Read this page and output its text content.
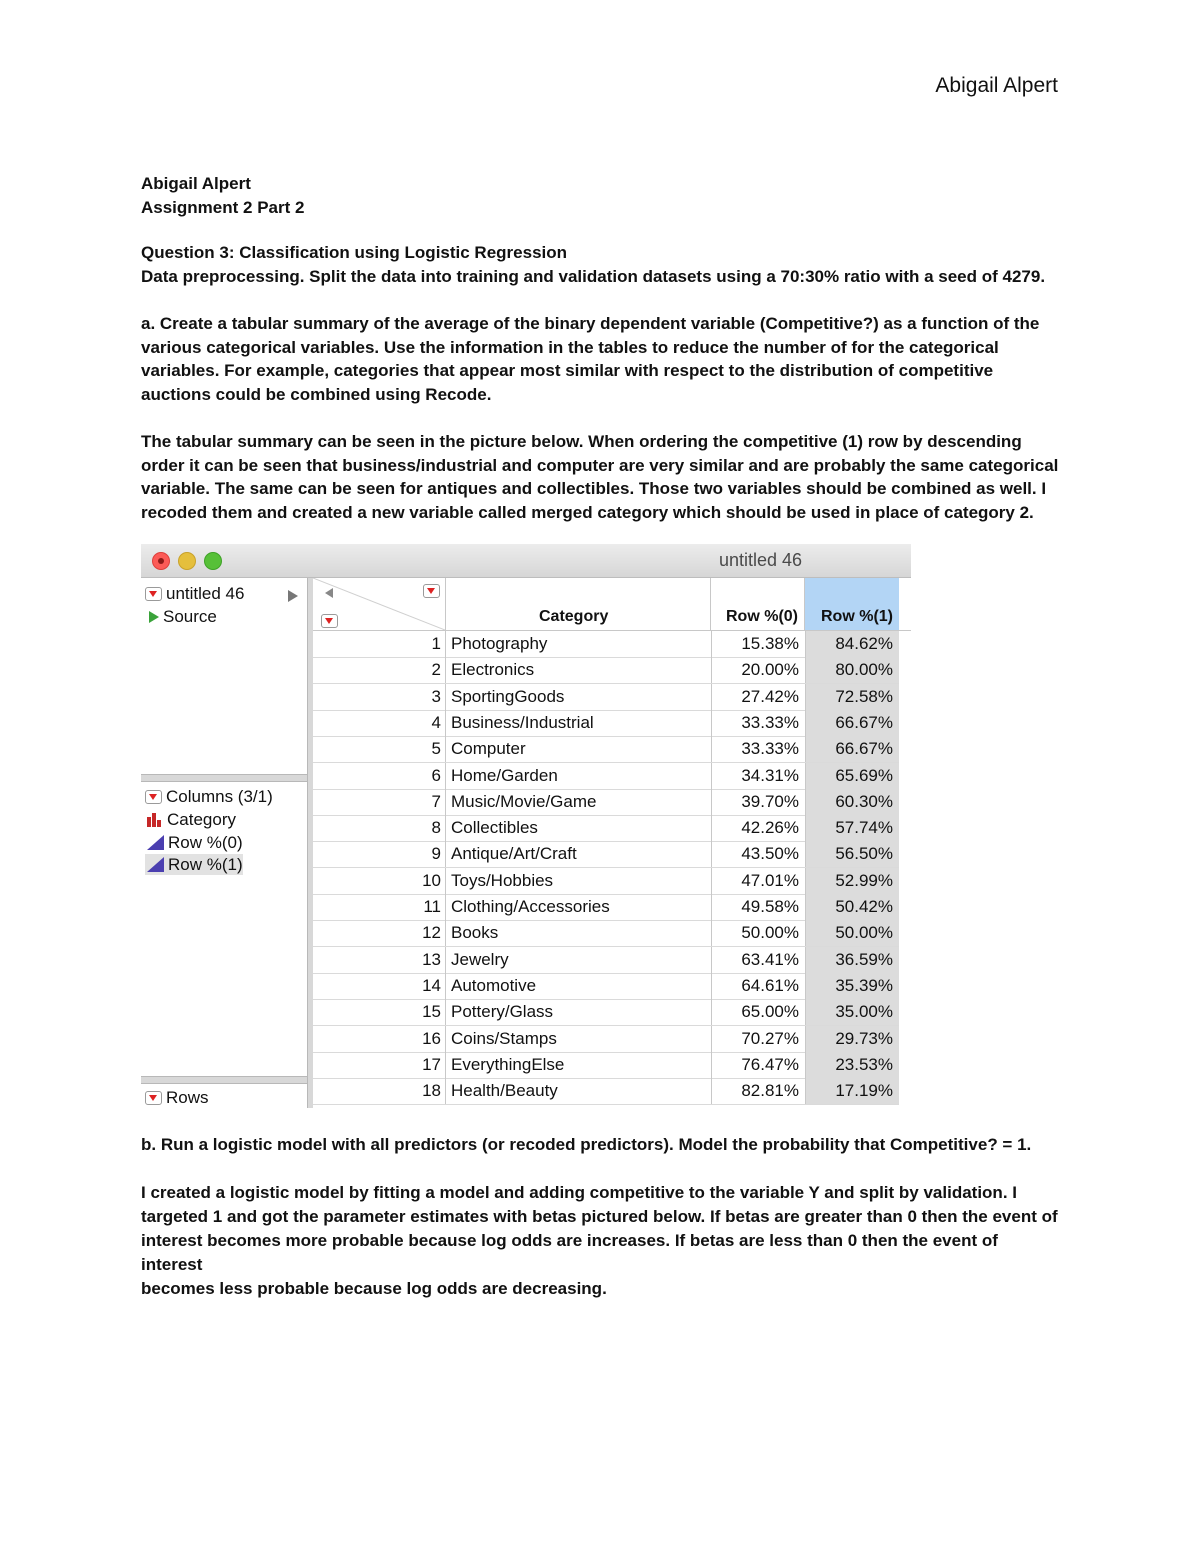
Abigail Alpert

Abigail Alpert

Assignment 2 Part 2

Question 3: Classification using Logistic Regression

Data preprocessing. Split the data into training and validation datasets using a 70:30% ratio with a seed of 4279.

a. Create a tabular summary of the average of the binary dependent variable (Competitive?) as a function of the

various categorical variables. Use the information in the tables to reduce the number of for the categorical

variables. For example, categories that appear most similar with respect to the distribution of competitive

auctions could be combined using Recode.

The tabular summary can be seen in the picture below. When ordering the competitive (1) row by descending

order it can be seen that business/industrial and computer are very similar and are probably the same categorical

variable. The same can be seen for antiques and collectibles. Those two variables should be combined as well. I

recoded them and created a new variable called merged category which should be used in place of category 2.

untitled 46
untitled 46
Source
Columns (3/1)
Category
Row %(0)
Row %(1)
Rows
Category	Row %(0) Row %(1)
1 Photography	15.38%	84.62%
2 Electronics	20.00%	80.00%
3 SportingGoods	27.42%	72.58%
4 Business/Industrial	33.33%	66.67%
5 Computer	33.33%	66.67%
6 Home/Garden	34.31%	65.69%
7 Music/Movie/Game	39.70%	60.30%
8 Collectibles	42.26%	57.74%
9 Antique/Art/Craft	43.50%	56.50%
10 Toys/Hobbies	47.01%	52.99%
11 Clothing/Accessories	49.58%	50.42%
12 Books	50.00%	50.00%
13 Jewelry	63.41%	36.59%
14 Automotive	64.61%	35.39%
15 Pottery/Glass	65.00%	35.00%
16 Coins/Stamps	70.27%	29.73%
17 EverythingElse	76.47%	23.53%
18 Health/Beauty	82.81%	17.19%

b. Run a logistic model with all predictors (or recoded predictors). Model the probability that Competitive? = 1.

I created a logistic model by fitting a model and adding competitive to the variable Y and split by validation. I

targeted 1 and got the parameter estimates with betas pictured below. If betas are greater than 0 then the event of

interest becomes more probable because log odds are increases. If betas are less than 0 then the event of interest

becomes less probable because log odds are decreasing.
